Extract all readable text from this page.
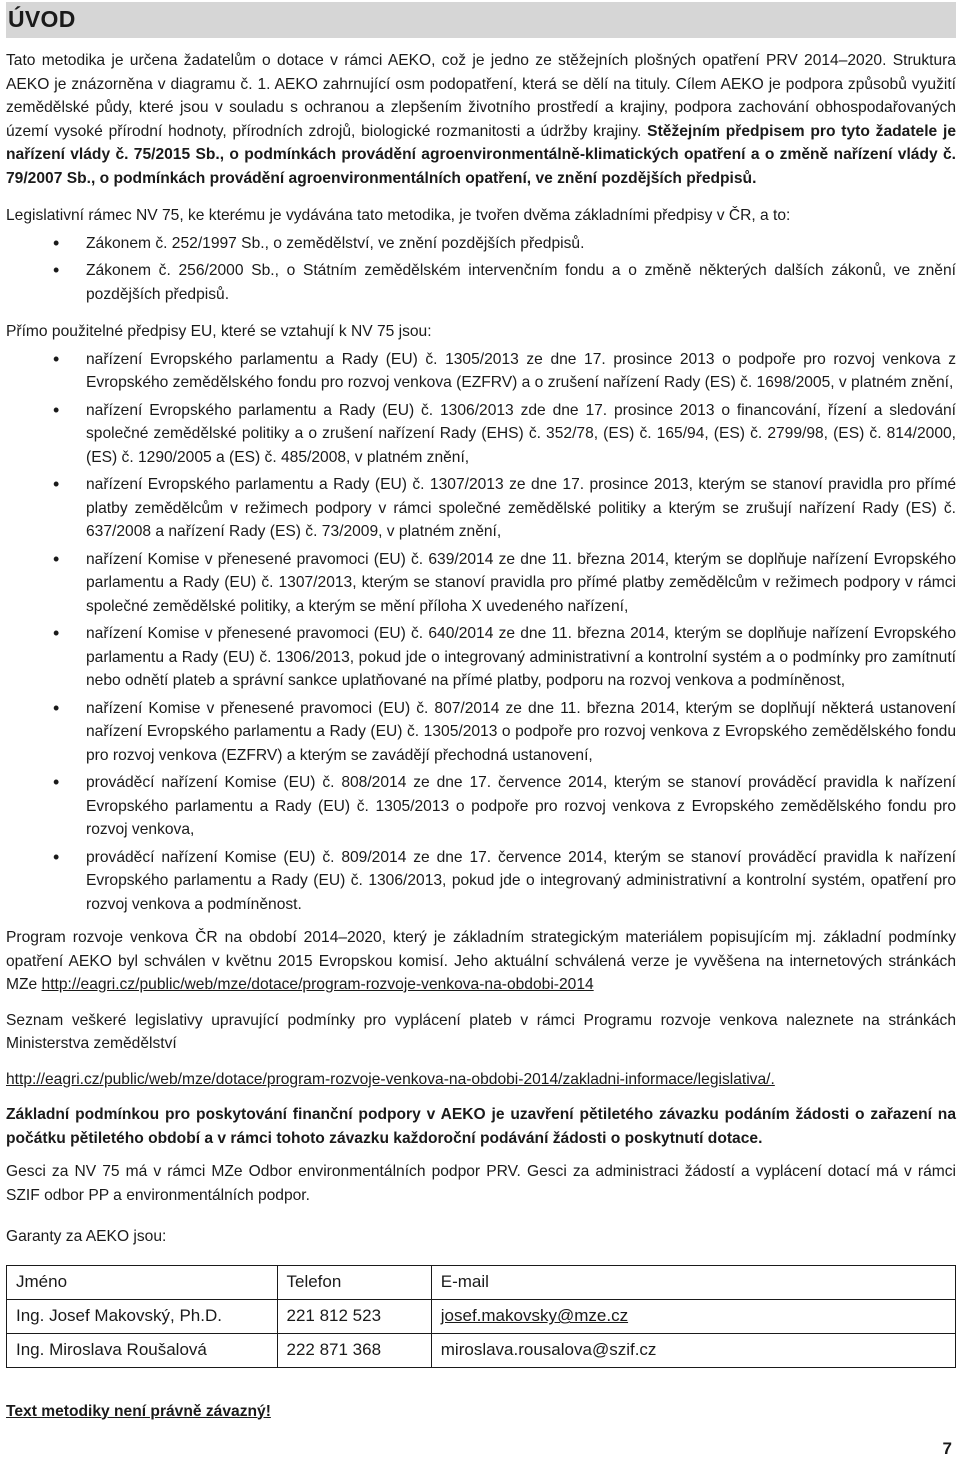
ÚVOD

Tato metodika je určena žadatelům o dotace v rámci AEKO, což je jedno ze stěžejních plošných opatření PRV 2014–2020. Struktura AEKO je znázorněna v diagramu č. 1. AEKO zahrnující osm podopatření, která se dělí na tituly. Cílem AEKO je podpora způsobů využití zemědělské půdy, které jsou v souladu s ochranou a zlepšením životního prostředí a krajiny, podpora zachování obhospodařovaných území vysoké přírodní hodnoty, přírodních zdrojů, biologické rozmanitosti a údržby krajiny. Stěžejním předpisem pro tyto žadatele je nařízení vlády č. 75/2015 Sb., o podmínkách provádění agroenvironmentálně-klimatických opatření a o změně nařízení vlády č. 79/2007 Sb., o podmínkách provádění agroenvironmentálních opatření, ve znění pozdějších předpisů.

Legislativní rámec NV 75, ke kterému je vydávána tato metodika, je tvořen dvěma základními předpisy v ČR, a to:

• Zákonem č. 252/1997 Sb., o zemědělství, ve znění pozdějších předpisů.
• Zákonem č. 256/2000 Sb., o Státním zemědělském intervenčním fondu a o změně některých dalších zákonů, ve znění pozdějších předpisů.

Přímo použitelné předpisy EU, které se vztahují k NV 75 jsou:

• nařízení Evropského parlamentu a Rady (EU) č. 1305/2013 ze dne 17. prosince 2013 o podpoře pro rozvoj venkova z Evropského zemědělského fondu pro rozvoj venkova (EZFRV) a o zrušení nařízení Rady (ES) č. 1698/2005, v platném znění,
• nařízení Evropského parlamentu a Rady (EU) č. 1306/2013 zde dne 17. prosince 2013 o financování, řízení a sledování společné zemědělské politiky a o zrušení nařízení Rady (EHS) č. 352/78, (ES) č. 165/94, (ES) č. 2799/98, (ES) č. 814/2000, (ES) č. 1290/2005 a (ES) č. 485/2008, v platném znění,
• nařízení Evropského parlamentu a Rady (EU) č. 1307/2013 ze dne 17. prosince 2013, kterým se stanoví pravidla pro přímé platby zemědělcům v režimech podpory v rámci společné zemědělské politiky a kterým se zrušují nařízení Rady (ES) č. 637/2008 a nařízení Rady (ES) č. 73/2009, v platném znění,
• nařízení Komise v přenesené pravomoci (EU) č. 639/2014 ze dne 11. března 2014, kterým se doplňuje nařízení Evropského parlamentu a Rady (EU) č. 1307/2013, kterým se stanoví pravidla pro přímé platby zemědělcům v režimech podpory v rámci společné zemědělské politiky, a kterým se mění příloha X uvedeného nařízení,
• nařízení Komise v přenesené pravomoci (EU) č. 640/2014 ze dne 11. března 2014, kterým se doplňuje nařízení Evropského parlamentu a Rady (EU) č. 1306/2013, pokud jde o integrovaný administrativní a kontrolní systém a o podmínky pro zamítnutí nebo odnětí plateb a správní sankce uplatňované na přímé platby, podporu na rozvoj venkova a podmíněnost,
• nařízení Komise v přenesené pravomoci (EU) č. 807/2014 ze dne 11. března 2014, kterým se doplňují některá ustanovení nařízení Evropského parlamentu a Rady (EU) č. 1305/2013 o podpoře pro rozvoj venkova z Evropského zemědělského fondu pro rozvoj venkova (EZFRV) a kterým se zavádějí přechodná ustanovení,
• prováděcí nařízení Komise (EU) č. 808/2014 ze dne 17. července 2014, kterým se stanoví prováděcí pravidla k nařízení Evropského parlamentu a Rady (EU) č. 1305/2013 o podpoře pro rozvoj venkova z Evropského zemědělského fondu pro rozvoj venkova,
• prováděcí nařízení Komise (EU) č. 809/2014 ze dne 17. července 2014, kterým se stanoví prováděcí pravidla k nařízení Evropského parlamentu a Rady (EU) č. 1306/2013, pokud jde o integrovaný administrativní a kontrolní systém, opatření pro rozvoj venkova a podmíněnost.

Program rozvoje venkova ČR na období 2014–2020, který je základním strategickým materiálem popisujícím mj. základní podmínky opatření AEKO byl schválen v květnu 2015 Evropskou komisí. Jeho aktuální schválená verze je vyvěšena na internetových stránkách MZe http://eagri.cz/public/web/mze/dotace/program-rozvoje-venkova-na-obdobi-2014

Seznam veškeré legislativy upravující podmínky pro vyplácení plateb v rámci Programu rozvoje venkova naleznete na stránkách Ministerstva zemědělství

http://eagri.cz/public/web/mze/dotace/program-rozvoje-venkova-na-obdobi-2014/zakladni-informace/legislativa/.

Základní podmínkou pro poskytování finanční podpory v AEKO je uzavření pětiletého závazku podáním žádosti o zařazení na počátku pětiletého období a v rámci tohoto závazku každoroční podávání žádosti o poskytnutí dotace.

Gesci za NV 75 má v rámci MZe Odbor environmentálních podpor PRV. Gesci za administraci žádostí a vyplácení dotací má v rámci SZIF odbor PP a environmentálních podpor.

Garanty za AEKO jsou:

Jméno	Telefon	E-mail
Ing. Josef Makovský, Ph.D.	221 812 523	josef.makovsky@mze.cz
Ing. Miroslava Roušalová	222 871 368	miroslava.rousalova@szif.cz

Text metodiky není právně závazný!

7
